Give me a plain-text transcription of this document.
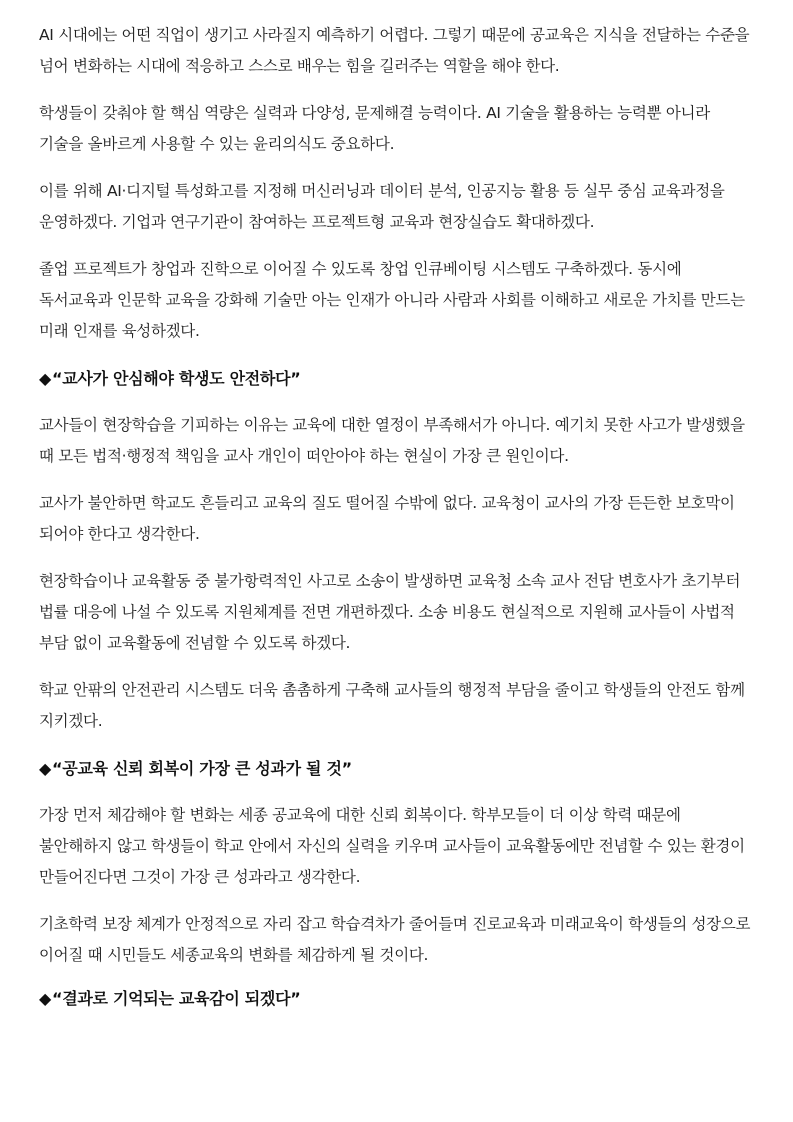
AI 시대에는 어떤 직업이 생기고 사라질지 예측하기 어렵다. 그렇기 때문에 공교육은 지식을 전달하는 수준을 넘어 변화하는 시대에 적응하고 스스로 배우는 힘을 길러주는 역할을 해야 한다.

학생들이 갖춰야 할 핵심 역량은 실력과 다양성, 문제해결 능력이다. AI 기술을 활용하는 능력뿐 아니라 기술을 올바르게 사용할 수 있는 윤리의식도 중요하다.

이를 위해 AI·디지털 특성화고를 지정해 머신러닝과 데이터 분석, 인공지능 활용 등 실무 중심 교육과정을 운영하겠다. 기업과 연구기관이 참여하는 프로젝트형 교육과 현장실습도 확대하겠다.

졸업 프로젝트가 창업과 진학으로 이어질 수 있도록 창업 인큐베이팅 시스템도 구축하겠다. 동시에 독서교육과 인문학 교육을 강화해 기술만 아는 인재가 아니라 사람과 사회를 이해하고 새로운 가치를 만드는 미래 인재를 육성하겠다.

◆“교사가 안심해야 학생도 안전하다”

교사들이 현장학습을 기피하는 이유는 교육에 대한 열정이 부족해서가 아니다. 예기치 못한 사고가 발생했을 때 모든 법적·행정적 책임을 교사 개인이 떠안아야 하는 현실이 가장 큰 원인이다.

교사가 불안하면 학교도 흔들리고 교육의 질도 떨어질 수밖에 없다. 교육청이 교사의 가장 든든한 보호막이 되어야 한다고 생각한다.

현장학습이나 교육활동 중 불가항력적인 사고로 소송이 발생하면 교육청 소속 교사 전담 변호사가 초기부터 법률 대응에 나설 수 있도록 지원체계를 전면 개편하겠다. 소송 비용도 현실적으로 지원해 교사들이 사법적 부담 없이 교육활동에 전념할 수 있도록 하겠다.

학교 안팎의 안전관리 시스템도 더욱 촘촘하게 구축해 교사들의 행정적 부담을 줄이고 학생들의 안전도 함께 지키겠다.

◆“공교육 신뢰 회복이 가장 큰 성과가 될 것”

가장 먼저 체감해야 할 변화는 세종 공교육에 대한 신뢰 회복이다. 학부모들이 더 이상 학력 때문에 불안해하지 않고 학생들이 학교 안에서 자신의 실력을 키우며 교사들이 교육활동에만 전념할 수 있는 환경이 만들어진다면 그것이 가장 큰 성과라고 생각한다.

기초학력 보장 체계가 안정적으로 자리 잡고 학습격차가 줄어들며 진로교육과 미래교육이 학생들의 성장으로 이어질 때 시민들도 세종교육의 변화를 체감하게 될 것이다.

◆“결과로 기억되는 교육감이 되겠다”
